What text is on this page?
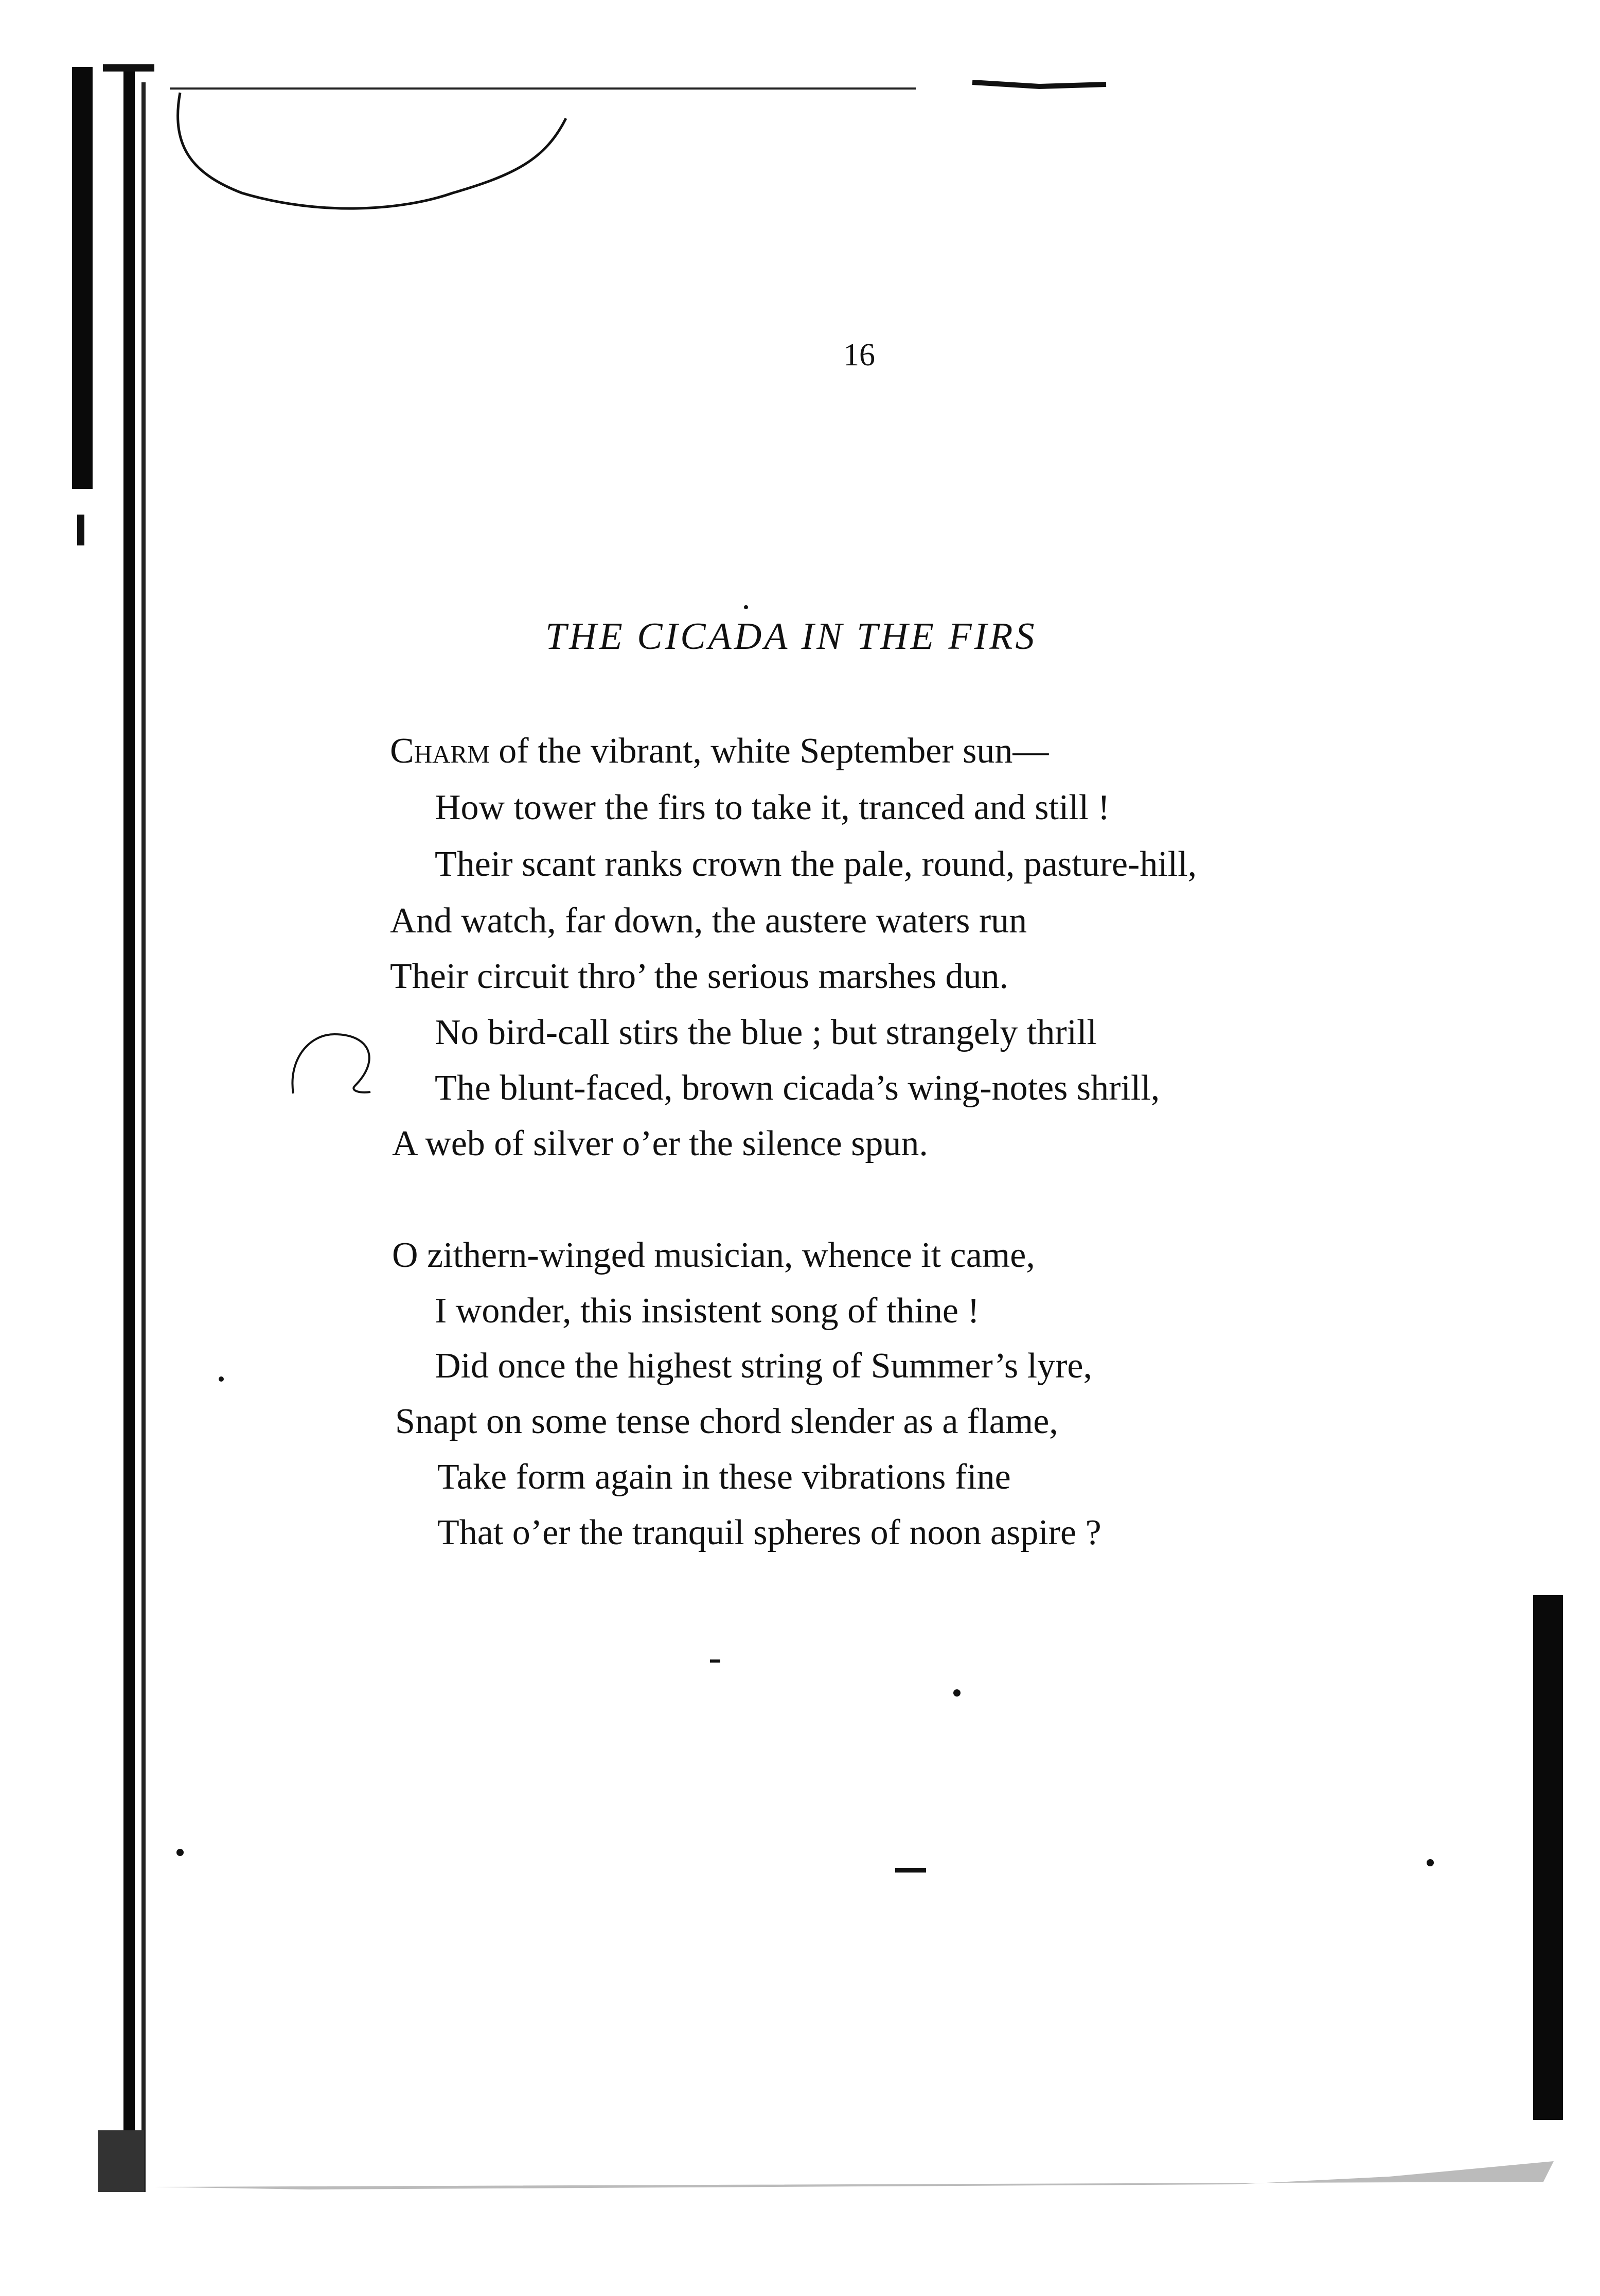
16
THE CICADA IN THE FIRS
Charm of the vibrant, white September sun—
How tower the firs to take it, tranced and still !
Their scant ranks crown the pale, round, pasture-hill,
And watch, far down, the austere waters run
Their circuit thro’ the serious marshes dun.
No bird-call stirs the blue ; but strangely thrill
The blunt-faced, brown cicada’s wing-notes shrill,
A web of silver o’er the silence spun.
O zithern-winged musician, whence it came,
I wonder, this insistent song of thine !
Did once the highest string of Summer’s lyre,
Snapt on some tense chord slender as a flame,
Take form again in these vibrations fine
That o’er the tranquil spheres of noon aspire ?
